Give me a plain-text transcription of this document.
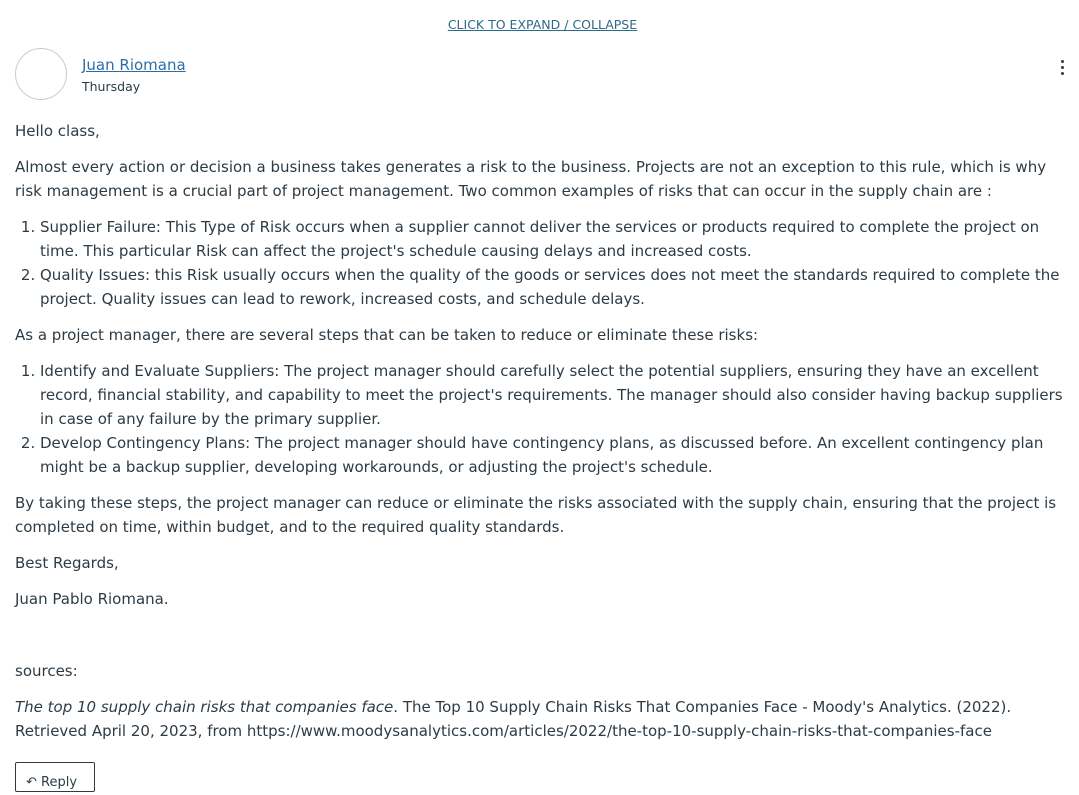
CLICK TO EXPAND / COLLAPSE
Juan Riomana
Thursday

Hello class,

Almost every action or decision a business takes generates a risk to the business. Projects are not an exception to this rule, which is why risk management is a crucial part of project management. Two common examples of risks that can occur in the supply chain are :

1. Supplier Failure: This Type of Risk occurs when a supplier cannot deliver the services or products required to complete the project on time. This particular Risk can affect the project's schedule causing delays and increased costs.
2. Quality Issues: this Risk usually occurs when the quality of the goods or services does not meet the standards required to complete the project. Quality issues can lead to rework, increased costs, and schedule delays.

As a project manager, there are several steps that can be taken to reduce or eliminate these risks:

1. Identify and Evaluate Suppliers: The project manager should carefully select the potential suppliers, ensuring they have an excellent record, financial stability, and capability to meet the project's requirements. The manager should also consider having backup suppliers in case of any failure by the primary supplier.
2. Develop Contingency Plans: The project manager should have contingency plans, as discussed before. An excellent contingency plan might be a backup supplier, developing workarounds, or adjusting the project's schedule.

By taking these steps, the project manager can reduce or eliminate the risks associated with the supply chain, ensuring that the project is completed on time, within budget, and to the required quality standards.

Best Regards,

Juan Pablo Riomana.

sources:

The top 10 supply chain risks that companies face. The Top 10 Supply Chain Risks That Companies Face - Moody's Analytics. (2022). Retrieved April 20, 2023, from https://www.moodysanalytics.com/articles/2022/the-top-10-supply-chain-risks-that-companies-face

↶ Reply
